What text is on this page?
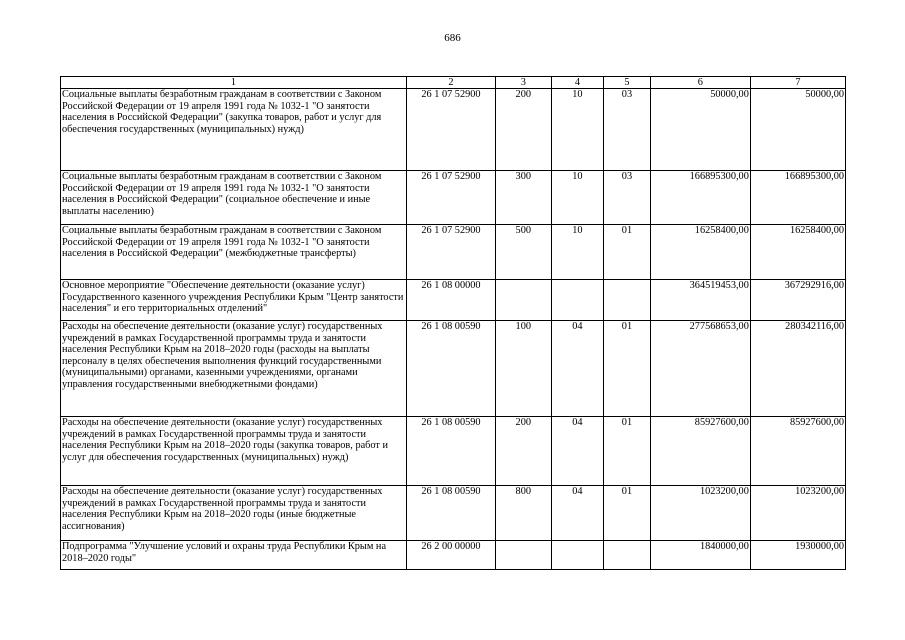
686
1	2	3	4	5	6	7
Социальные выплаты безработным гражданам в соответствии с Законом Российской Федерации от 19 апреля 1991 года № 1032-1 "О занятости населения в Российской Федерации" (закупка товаров, работ и услуг для обеспечения государственных (муниципальных) нужд)	26 1 07 52900	200	10	03	50000,00	50000,00
Социальные выплаты безработным гражданам в соответствии с Законом Российской Федерации от 19 апреля 1991 года № 1032-1 "О занятости населения в Российской Федерации" (социальное обеспечение и иные выплаты населению)	26 1 07 52900	300	10	03	166895300,00	166895300,00
Социальные выплаты безработным гражданам в соответствии с Законом Российской Федерации от 19 апреля 1991 года № 1032-1 "О занятости населения в Российской Федерации" (межбюджетные трансферты)	26 1 07 52900	500	10	01	16258400,00	16258400,00
Основное мероприятие "Обеспечение деятельности (оказание услуг) Государственного казенного учреждения Республики Крым "Центр занятости населения" и его территориальных отделений"	26 1 08 00000				364519453,00	367292916,00
Расходы на обеспечение деятельности (оказание услуг) государственных учреждений в рамках Государственной программы труда и занятости населения Республики Крым на 2018–2020 годы (расходы на выплаты персоналу в целях обеспечения выполнения функций государственными (муниципальными) органами, казенными учреждениями, органами управления государственными внебюджетными фондами)	26 1 08 00590	100	04	01	277568653,00	280342116,00
Расходы на обеспечение деятельности (оказание услуг) государственных учреждений в рамках Государственной программы труда и занятости населения Республики Крым на 2018–2020 годы (закупка товаров, работ и услуг для обеспечения государственных (муниципальных) нужд)	26 1 08 00590	200	04	01	85927600,00	85927600,00
Расходы на обеспечение деятельности (оказание услуг) государственных учреждений в рамках Государственной программы труда и занятости населения Республики Крым на 2018–2020 годы (иные бюджетные ассигнования)	26 1 08 00590	800	04	01	1023200,00	1023200,00
Подпрограмма "Улучшение условий и охраны труда Республики Крым на 2018–2020 годы"	26 2 00 00000				1840000,00	1930000,00
